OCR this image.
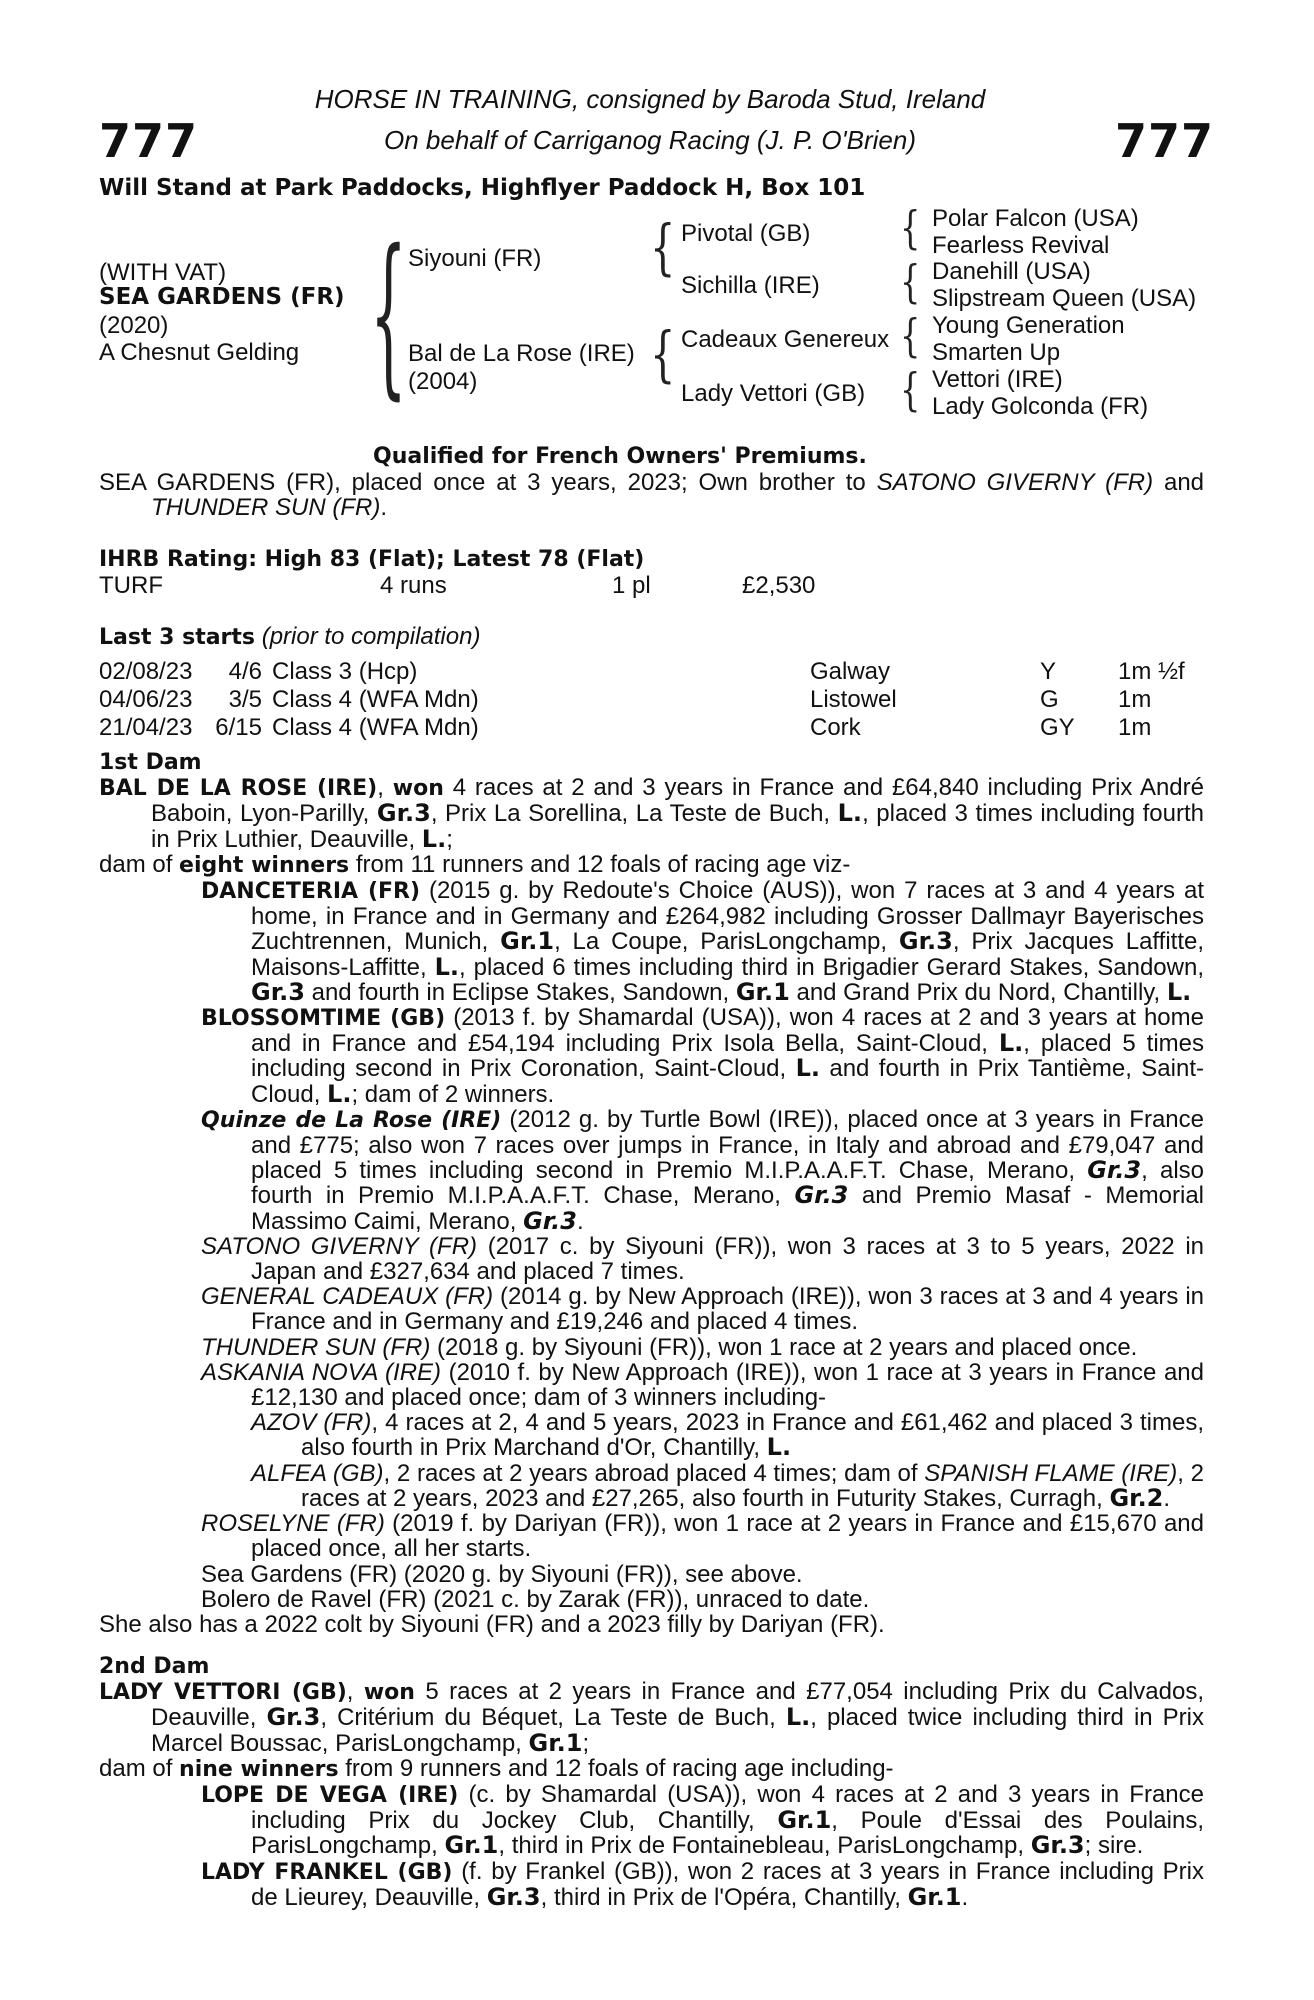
777	777
HORSE IN TRAINING, consigned by Baroda Stud, Ireland
On behalf of Carriganog Racing (J. P. O'Brien)
Will Stand at Park Paddocks, Highflyer Paddock H, Box 101
(WITH VAT)
SEA GARDENS (FR)
(2020)
A Chesnut Gelding { Siyouni (FR)
Bal de La Rose (IRE)
(2004)
{ Pivotal (GB)
Sichilla (IRE)
{ Cadeaux Genereux
Lady Vettori (GB)
{ Polar Falcon (USA)
Fearless Revival
{ Danehill (USA)
Slipstream Queen (USA)
{ Young Generation
Smarten Up
{ Vettori (IRE)
Lady Golconda (FR)
Qualified for French Owners' Premiums.

SEA GARDENS (FR), placed once at 3 years, 2023; Own brother to SATONO GIVERNY (FR) and THUNDER SUN (FR).

IHRB Rating: High 83 (Flat); Latest 78 (Flat)
TURF	4 runs	1 pl	£2,530
Last 3 starts (prior to compilation)
02/08/23	4/6	Class 3 (Hcp)	Galway	Y	1m ½f
04/06/23	3/5	Class 4 (WFA Mdn)	Listowel	G	1m
21/04/23	6/15	Class 4 (WFA Mdn)	Cork	GY	1m

1st Dam

BAL DE LA ROSE (IRE), won 4 races at 2 and 3 years in France and £64,840 including Prix André Baboin, Lyon-Parilly, Gr.3, Prix La Sorellina, La Teste de Buch, L., placed 3 times including fourth in Prix Luthier, Deauville, L.;

dam of eight winners from 11 runners and 12 foals of racing age viz-

DANCETERIA (FR) (2015 g. by Redoute's Choice (AUS)), won 7 races at 3 and 4 years at home, in France and in Germany and £264,982 including Grosser Dallmayr Bayerisches Zuchtrennen, Munich, Gr.1, La Coupe, ParisLongchamp, Gr.3, Prix Jacques Laffitte, Maisons-Laffitte, L., placed 6 times including third in Brigadier Gerard Stakes, Sandown, Gr.3 and fourth in Eclipse Stakes, Sandown, Gr.1 and Grand Prix du Nord, Chantilly, L.

BLOSSOMTIME (GB) (2013 f. by Shamardal (USA)), won 4 races at 2 and 3 years at home and in France and £54,194 including Prix Isola Bella, Saint-Cloud, L., placed 5 times including second in Prix Coronation, Saint-Cloud, L. and fourth in Prix Tantième, Saint-Cloud, L.; dam of 2 winners.

Quinze de La Rose (IRE) (2012 g. by Turtle Bowl (IRE)), placed once at 3 years in France and £775; also won 7 races over jumps in France, in Italy and abroad and £79,047 and placed 5 times including second in Premio M.I.P.A.A.F.T. Chase, Merano, Gr.3, also fourth in Premio M.I.P.A.A.F.T. Chase, Merano, Gr.3 and Premio Masaf - Memorial Massimo Caimi, Merano, Gr.3.

SATONO GIVERNY (FR) (2017 c. by Siyouni (FR)), won 3 races at 3 to 5 years, 2022 in Japan and £327,634 and placed 7 times.

GENERAL CADEAUX (FR) (2014 g. by New Approach (IRE)), won 3 races at 3 and 4 years in France and in Germany and £19,246 and placed 4 times.

THUNDER SUN (FR) (2018 g. by Siyouni (FR)), won 1 race at 2 years and placed once.

ASKANIA NOVA (IRE) (2010 f. by New Approach (IRE)), won 1 race at 3 years in France and £12,130 and placed once; dam of 3 winners including-

AZOV (FR), 4 races at 2, 4 and 5 years, 2023 in France and £61,462 and placed 3 times, also fourth in Prix Marchand d'Or, Chantilly, L.

ALFEA (GB), 2 races at 2 years abroad placed 4 times; dam of SPANISH FLAME (IRE), 2 races at 2 years, 2023 and £27,265, also fourth in Futurity Stakes, Curragh, Gr.2.

ROSELYNE (FR) (2019 f. by Dariyan (FR)), won 1 race at 2 years in France and £15,670 and placed once, all her starts.

Sea Gardens (FR) (2020 g. by Siyouni (FR)), see above.

Bolero de Ravel (FR) (2021 c. by Zarak (FR)), unraced to date.

She also has a 2022 colt by Siyouni (FR) and a 2023 filly by Dariyan (FR).

2nd Dam

LADY VETTORI (GB), won 5 races at 2 years in France and £77,054 including Prix du Calvados, Deauville, Gr.3, Critérium du Béquet, La Teste de Buch, L., placed twice including third in Prix Marcel Boussac, ParisLongchamp, Gr.1;

dam of nine winners from 9 runners and 12 foals of racing age including-

LOPE DE VEGA (IRE) (c. by Shamardal (USA)), won 4 races at 2 and 3 years in France including Prix du Jockey Club, Chantilly, Gr.1, Poule d'Essai des Poulains, ParisLongchamp, Gr.1, third in Prix de Fontainebleau, ParisLongchamp, Gr.3; sire.

LADY FRANKEL (GB) (f. by Frankel (GB)), won 2 races at 3 years in France including Prix de Lieurey, Deauville, Gr.3, third in Prix de l'Opéra, Chantilly, Gr.1.
